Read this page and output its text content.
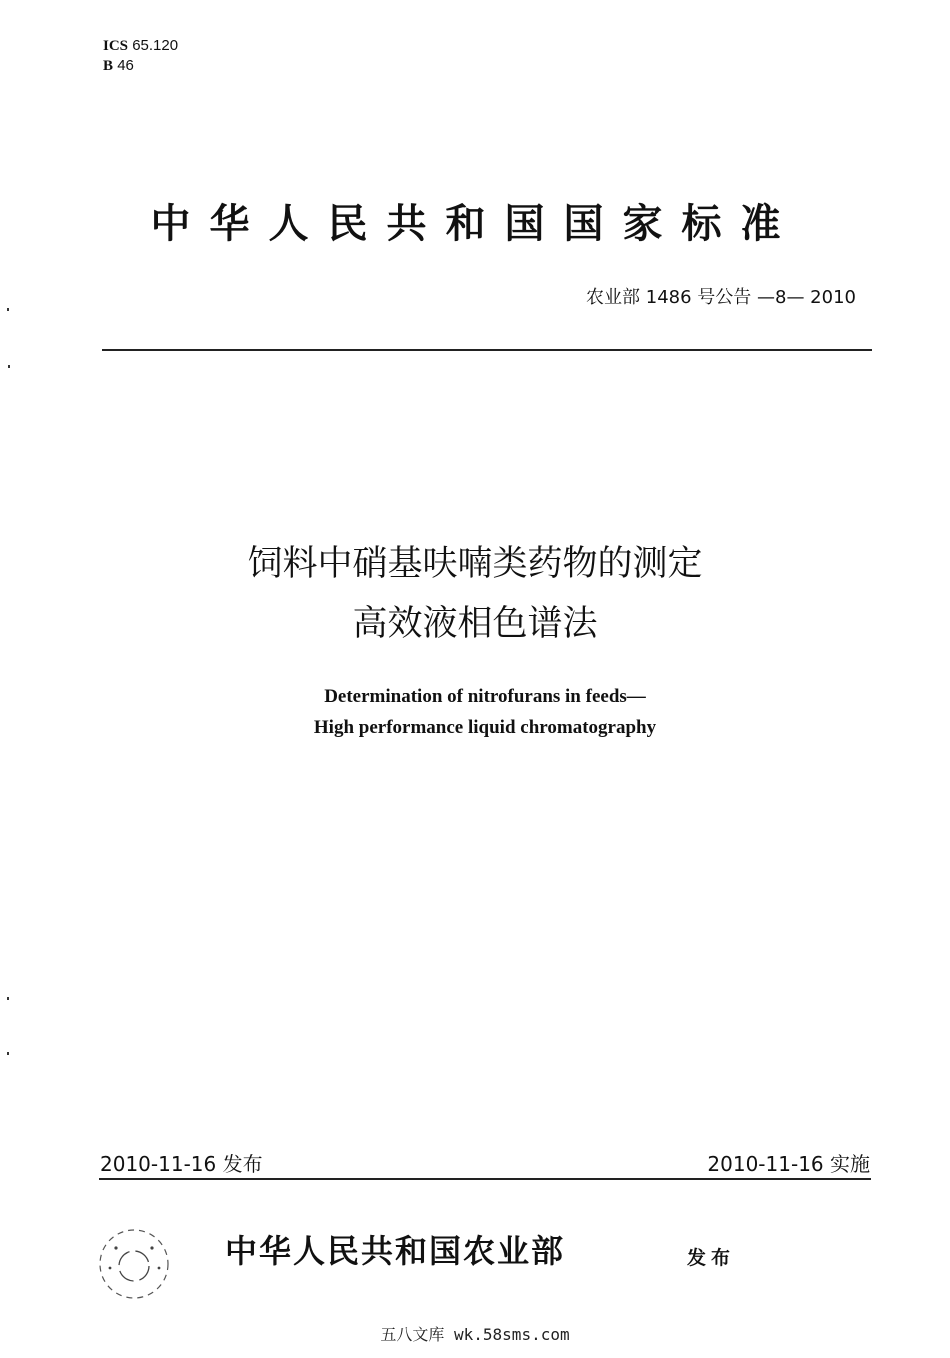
ICS 65.120
B 46
中华人民共和国国家标准
农业部 1486 号公告 —8— 2010
饲料中硝基呋喃类药物的测定
高效液相色谱法
Determination of nitrofurans in feeds—
High performance liquid chromatography
2010-11-16 发布	2010-11-16 实施
中华人民共和国农业部	发布
五八文库 wk.58sms.com
